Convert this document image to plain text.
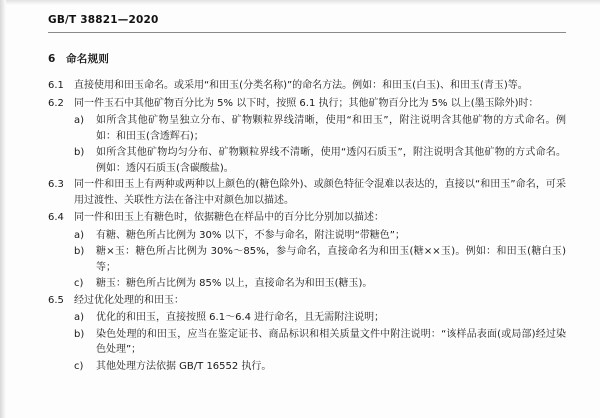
GB/T 38821—2020
6 命名规则
6.1	直接使用和田玉命名。或采用“和田玉(分类名称)”的命名方法。例如：和田玉(白玉)、和田玉(青玉)等。
6.2	同一件玉石中其他矿物百分比为 5% 以下时，按照 6.1 执行；其他矿物百分比为 5% 以上(墨玉除外)时：
a)	如所含其他矿物呈独立分布、矿物颗粒界线清晰，使用“和田玉”，附注说明含其他矿物的方式命名。例如：和田玉(含透辉石)；
b)	如所含其他矿物均匀分布、矿物颗粒界线不清晰，使用“透闪石质玉”，附注说明含其他矿物的方式命名。例如：透闪石质玉(含碳酸盐)。
6.3	同一件和田玉上有两种或两种以上颜色的(糖色除外)、或颜色特征令混难以表达的，直接以“和田玉”命名，可采用过渡性、关联性方法在备注中对颜色加以描述。
6.4	同一件和田玉上有糖色时，依据糖色在样品中的百分比分别加以描述：
a)	有糖、糖色所占比例为 30% 以下，不参与命名，附注说明“带糖色”；
b)	糖×玉：糖色所占比例为 30%～85%，参与命名，直接命名为和田玉(糖××玉)。例如：和田玉(糖白玉)等；
c)	糖玉：糖色所占比例为 85% 以上，直接命名为和田玉(糖玉)。
6.5	经过优化处理的和田玉：
a)	优化的和田玉，直接按照 6.1～6.4 进行命名，且无需附注说明；
b)	染色处理的和田玉，应当在鉴定证书、商品标识和相关质量文件中附注说明：“该样品表面(或局部)经过染色处理”；
c)	其他处理方法依据 GB/T 16552 执行。
